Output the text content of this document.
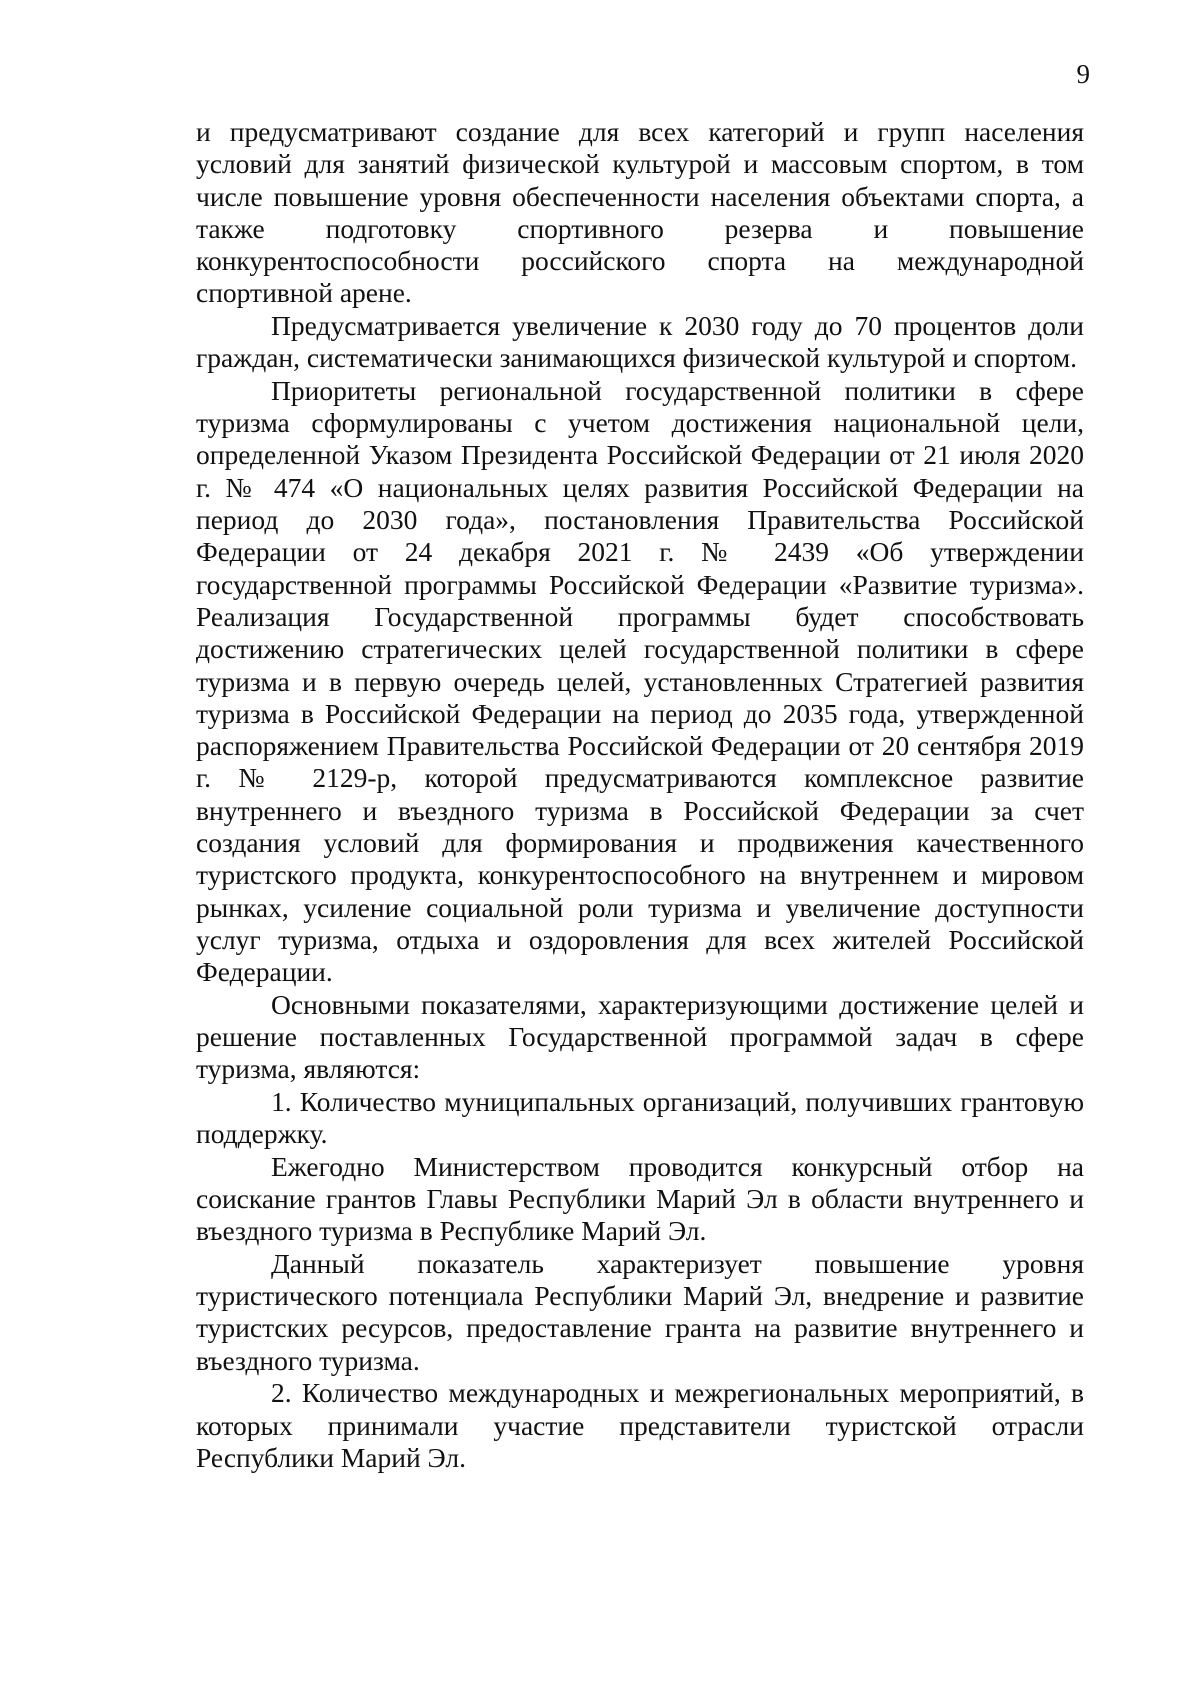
9

и предусматривают создание для всех категорий и групп населения условий для занятий физической культурой и массовым спортом, в том числе повышение уровня обеспеченности населения объектами спорта, а также подготовку спортивного резерва и повышение конкурентоспособности российского спорта на международной спортивной арене.

Предусматривается увеличение к 2030 году до 70 процентов доли граждан, систематически занимающихся физической культурой и спортом.

Приоритеты региональной государственной политики в сфере туризма сформулированы с учетом достижения национальной цели, определенной Указом Президента Российской Федерации от 21 июля 2020 г. № 474 «О национальных целях развития Российской Федерации на период до 2030 года», постановления Правительства Российской Федерации от 24 декабря 2021 г. № 2439 «Об утверждении государственной программы Российской Федерации «Развитие туризма». Реализация Государственной программы будет способствовать достижению стратегических целей государственной политики в сфере туризма и в первую очередь целей, установленных Стратегией развития туризма в Российской Федерации на период до 2035 года, утвержденной распоряжением Правительства Российской Федерации от 20 сентября 2019 г. № 2129-р, которой предусматриваются комплексное развитие внутреннего и въездного туризма в Российской Федерации за счет создания условий для формирования и продвижения качественного туристского продукта, конкурентоспособного на внутреннем и мировом рынках, усиление социальной роли туризма и увеличение доступности услуг туризма, отдыха и оздоровления для всех жителей Российской Федерации.

Основными показателями, характеризующими достижение целей и решение поставленных Государственной программой задач в сфере туризма, являются:

1. Количество муниципальных организаций, получивших грантовую поддержку.

Ежегодно Министерством проводится конкурсный отбор на соискание грантов Главы Республики Марий Эл в области внутреннего и въездного туризма в Республике Марий Эл.

Данный показатель характеризует повышение уровня туристического потенциала Республики Марий Эл, внедрение и развитие туристских ресурсов, предоставление гранта на развитие внутреннего и въездного туризма.

2. Количество международных и межрегиональных мероприятий, в которых принимали участие представители туристской отрасли Республики Марий Эл.
